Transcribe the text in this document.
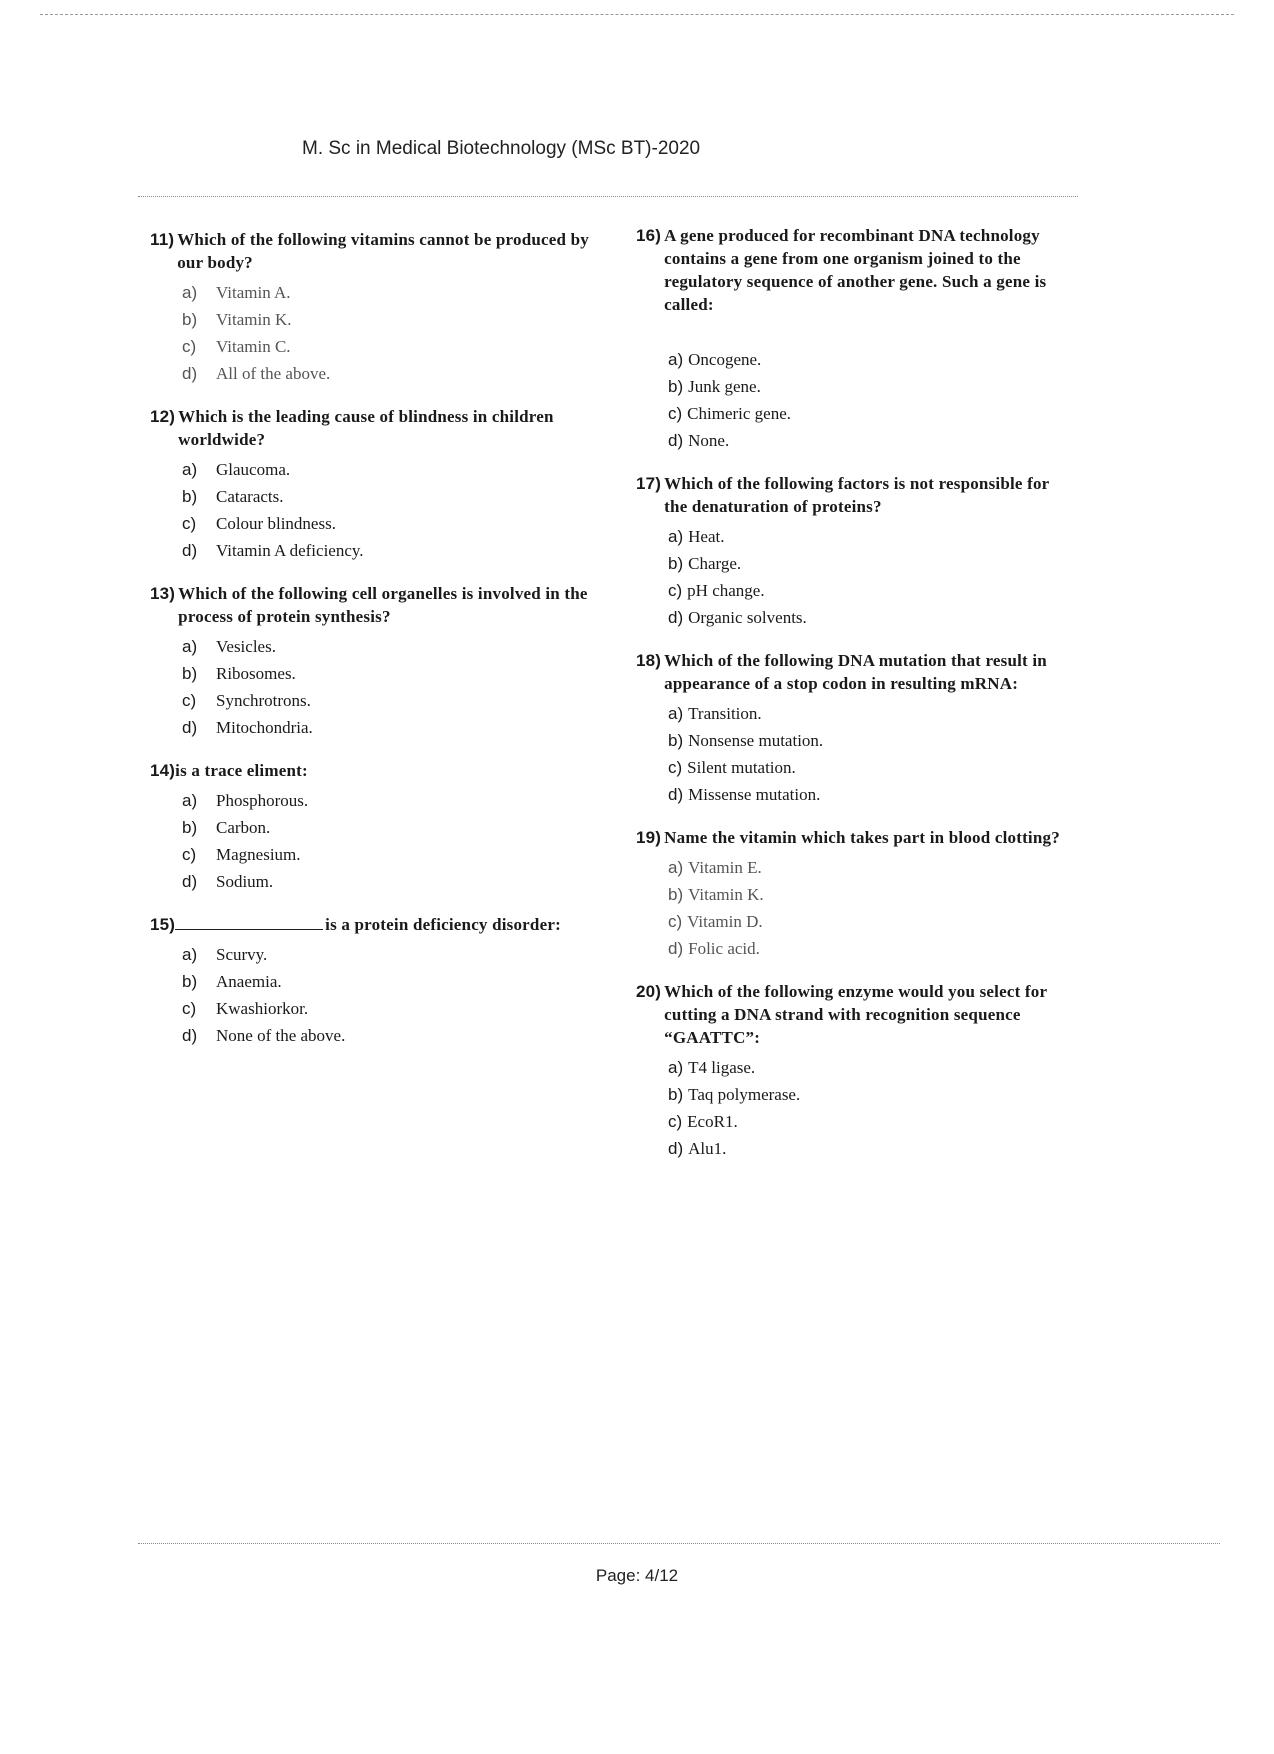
M. Sc in Medical Biotechnology (MSc BT)-2020
11) Which of the following vitamins cannot be produced by our body?
a)	Vitamin A.
b)	Vitamin K.
c)	Vitamin C.
d)	All of the above.
12) Which is the leading cause of blindness in children worldwide?
a)	Glaucoma.
b)	Cataracts.
c)	Colour blindness.
d)	Vitamin A deficiency.
13) Which of the following cell organelles is involved in the process of protein synthesis?
a)	Vesicles.
b)	Ribosomes.
c)	Synchrotrons.
d)	Mitochondria.
14) is a trace eliment:
a)	Phosphorous.
b)	Carbon.
c)	Magnesium.
d)	Sodium.
15)	is a protein deficiency disorder:
a)	Scurvy.
b)	Anaemia.
c)	Kwashiorkor.
d)	None of the above.
16) A gene produced for recombinant DNA technology contains a gene from one organism joined to the regulatory sequence of another gene. Such a gene is called:
a) Oncogene.
b) Junk gene.
c) Chimeric gene.
d) None.
17) Which of the following factors is not responsible for the denaturation of proteins?
a) Heat.
b) Charge.
c) pH change.
d) Organic solvents.
18) Which of the following DNA mutation that result in appearance of a stop codon in resulting mRNA:
a) Transition.
b) Nonsense mutation.
c) Silent mutation.
d) Missense mutation.
19) Name the vitamin which takes part in blood clotting?
a) Vitamin E.
b) Vitamin K.
c) Vitamin D.
d) Folic acid.
20) Which of the following enzyme would you select for cutting a DNA strand with recognition sequence “GAATTC”:
a) T4 ligase.
b) Taq polymerase.
c) EcoR1.
d) Alu1.
Page: 4/12
